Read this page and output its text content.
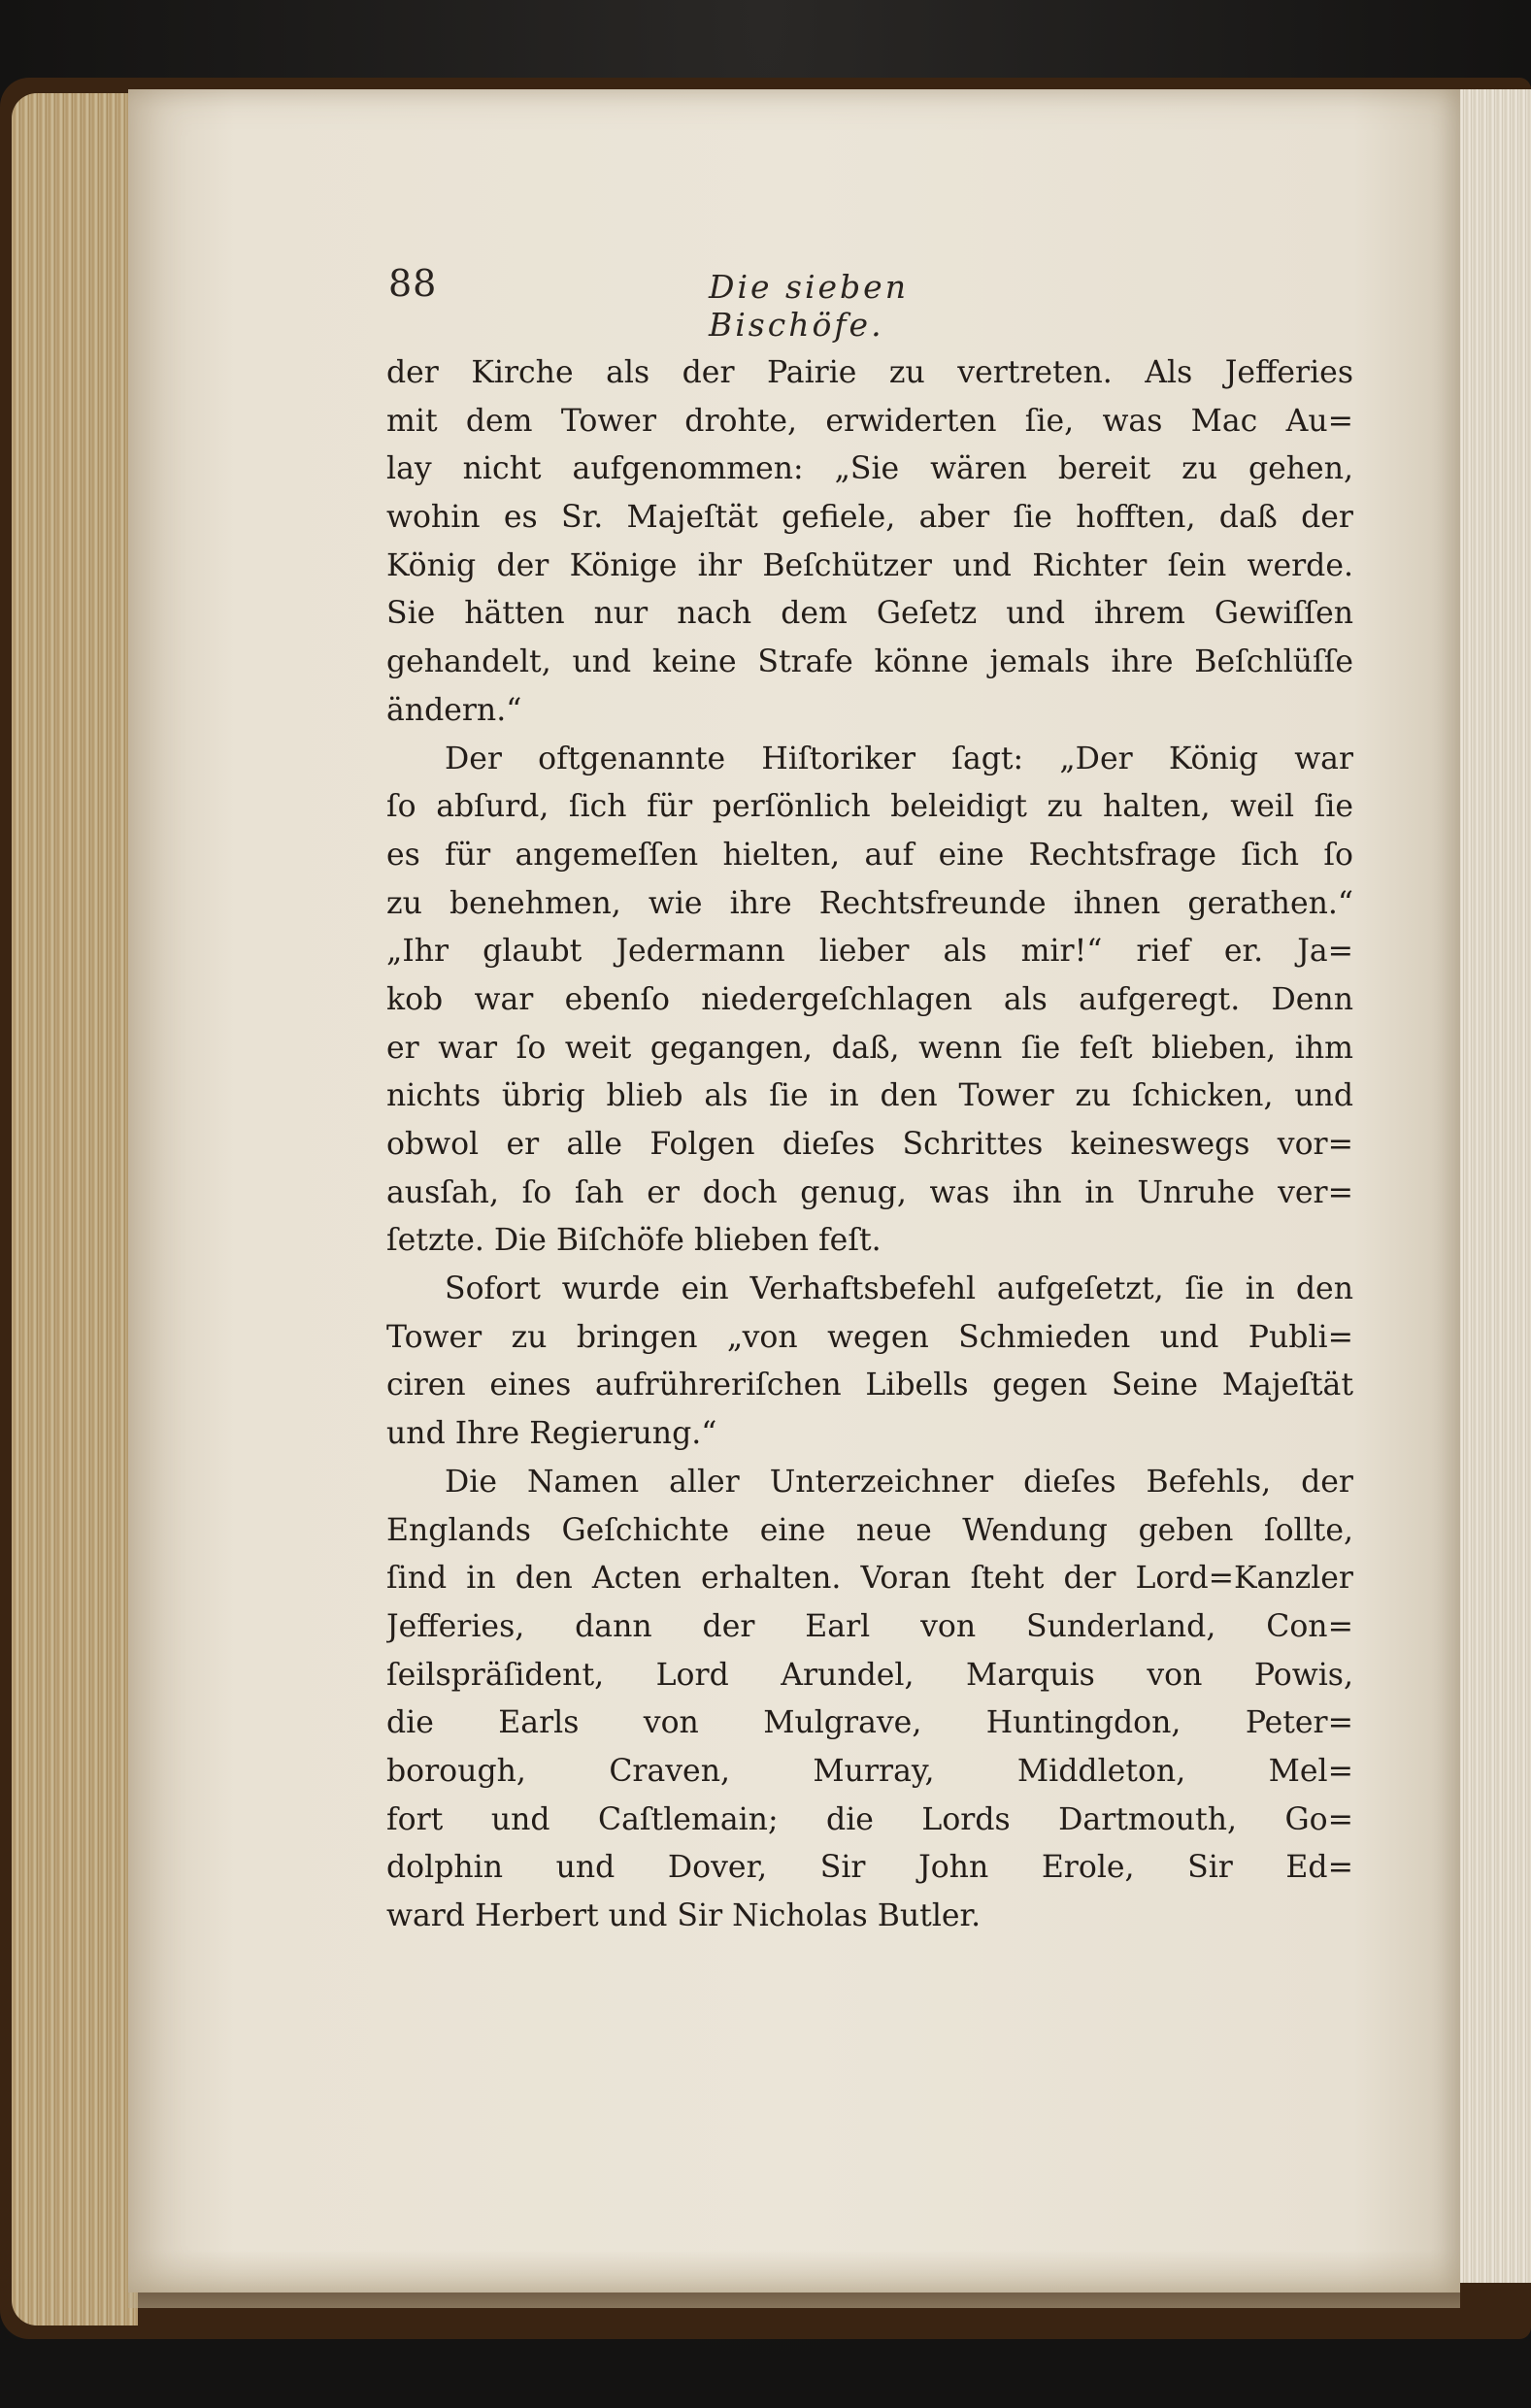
88	Die sieben Bischöfe.
der Kirche als der Pairie zu vertreten. Als Jefferies
mit dem Tower drohte, erwiderten ſie, was Mac Au=
lay nicht aufgenommen: „Sie wären bereit zu gehen,
wohin es Sr. Majeſtät gefiele, aber ſie hofften, daß der
König der Könige ihr Beſchützer und Richter ſein werde.
Sie hätten nur nach dem Geſetz und ihrem Gewiſſen
gehandelt, und keine Strafe könne jemals ihre Beſchlüſſe
ändern.“
Der oftgenannte Hiſtoriker ſagt: „Der König war
ſo abſurd, ſich für perſönlich beleidigt zu halten, weil ſie
es für angemeſſen hielten, auf eine Rechtsfrage ſich ſo
zu benehmen, wie ihre Rechtsfreunde ihnen gerathen.“
„Ihr glaubt Jedermann lieber als mir!“ rief er. Ja=
kob war ebenſo niedergeſchlagen als aufgeregt. Denn
er war ſo weit gegangen, daß, wenn ſie feſt blieben, ihm
nichts übrig blieb als ſie in den Tower zu ſchicken, und
obwol er alle Folgen dieſes Schrittes keineswegs vor=
ausſah, ſo ſah er doch genug, was ihn in Unruhe ver=
ſetzte. Die Biſchöfe blieben feſt.
Sofort wurde ein Verhaftsbefehl aufgeſetzt, ſie in den
Tower zu bringen „von wegen Schmieden und Publi=
ciren eines aufrühreriſchen Libells gegen Seine Majeſtät
und Ihre Regierung.“
Die Namen aller Unterzeichner dieſes Befehls, der
Englands Geſchichte eine neue Wendung geben ſollte,
ſind in den Acten erhalten. Voran ſteht der Lord=Kanzler
Jefferies, dann der Earl von Sunderland, Con=
ſeilspräſident, Lord Arundel, Marquis von Powis,
die Earls von Mulgrave, Huntingdon, Peter=
borough, Craven, Murray, Middleton, Mel=
fort und Caſtlemain; die Lords Dartmouth, Go=
dolphin und Dover, Sir John Erole, Sir Ed=
ward Herbert und Sir Nicholas Butler.
